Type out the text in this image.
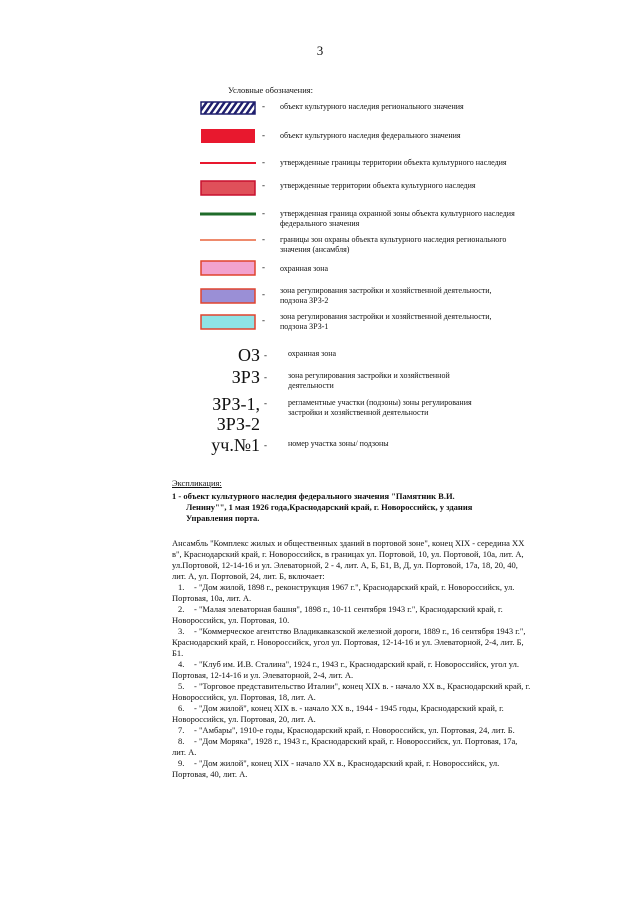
3
Условные обозначения:
- объект культурного наследия регионального значения
- объект культурного наследия федерального значения
- утвержденные границы территории объекта культурного наследия
- утвержденные территории объекта культурного наследия
- утвержденная граница охранной зоны объекта культурного наследия федерального значения
- границы зон охраны объекта культурного наследия регионального значения (ансамбля)
- охранная зона
- зона регулирования застройки и хозяйственной деятельности, подзона ЗРЗ-2
- зона регулирования застройки и хозяйственной деятельности, подзона ЗРЗ-1
ОЗ -	охранная зона
ЗРЗ -	зона регулирования застройки и хозяйственной деятельности
ЗРЗ-1,
ЗРЗ-2
-	регламентные участки (подзоны) зоны регулирования застройки и хозяйственной деятельности
уч.№1 -	номер участка зоны/ подзоны
Экспликация:
1 - объект культурного наследия федерального значения "Памятник В.И.
Ленину"", 1 мая 1926 года,Краснодарский край, г. Новороссийск, у здания
Управления порта.
Ансамбль "Комплекс жилых и общественных зданий в портовой зоне", конец XIX - середина XX в", Краснодарский край, г. Новороссийск, в границах ул. Портовой, 10, ул. Портовой, 10а, лит. А, ул.Портовой, 12-14-16 и ул. Элеваторной, 2 - 4, лит. А, Б, Б1, В, Д, ул. Портовой, 17а, 18, 20, 40, лит. А, ул. Портовой, 24, лит. Б, включает:
1. - "Дом жилой, 1898 г., реконструкция 1967 г.", Краснодарский край, г. Новороссийск, ул. Портовая, 10а, лит. А.
2. - "Малая элеваторная башня", 1898 г., 10-11 сентября 1943 г.", Краснодарский край, г. Новороссийск, ул. Портовая, 10.
3. - "Коммерческое агентство Владикавказской железной дороги, 1889 г., 16 сентября 1943 г.", Краснодарский край, г. Новороссийск, угол ул. Портовая, 12-14-16 и ул. Элеваторной, 2-4, лит. Б, Б1.
4. - "Клуб им. И.В. Сталина", 1924 г., 1943 г., Краснодарский край, г. Новороссийск, угол ул. Портовая, 12-14-16 и ул. Элеваторной, 2-4, лит. А.
5. - "Торговое представительство Италии", конец XIX в. - начало XX в., Краснодарский край, г. Новороссийск, ул. Портовая, 18, лит. А.
6. - "Дом жилой", конец XIX в. - начало XX в., 1944 - 1945 годы, Краснодарский край, г. Новороссийск, ул. Портовая, 20, лит. А.
7. - "Амбары", 1910-е годы, Краснодарский край, г. Новороссийск, ул. Портовая, 24, лит. Б.
8. - "Дом Моряка", 1928 г., 1943 г., Краснодарский край, г. Новороссийск, ул. Портовая, 17а, лит. А.
9. - "Дом жилой", конец XIX - начало XX в., Краснодарский край, г. Новороссийск, ул. Портовая, 40, лит. А.
